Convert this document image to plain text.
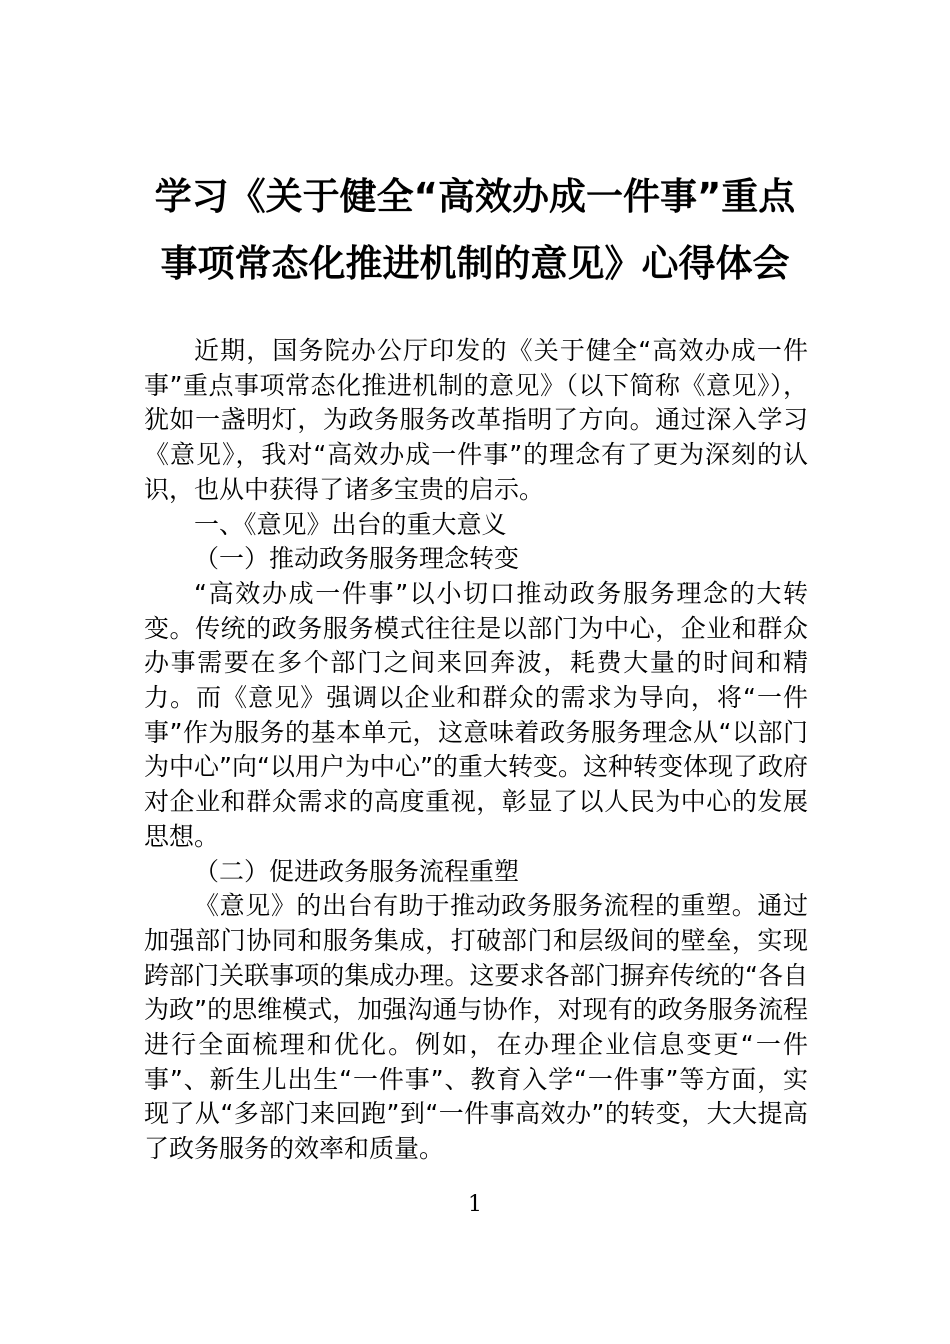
学习《关于健全“高效办成一件事”重点
事项常态化推进机制的意见》心得体会

近期，国务院办公厅印发的《关于健全“高效办成一件事”重点事项常态化推进机制的意见》（以下简称《意见》），犹如一盏明灯，为政务服务改革指明了方向。通过深入学习《意见》，我对“高效办成一件事”的理念有了更为深刻的认识，也从中获得了诸多宝贵的启示。

一、《意见》出台的重大意义

（一）推动政务服务理念转变

“高效办成一件事”以小切口推动政务服务理念的大转变。传统的政务服务模式往往是以部门为中心，企业和群众办事需要在多个部门之间来回奔波，耗费大量的时间和精力。而《意见》强调以企业和群众的需求为导向，将“一件事”作为服务的基本单元，这意味着政务服务理念从“以部门为中心”向“以用户为中心”的重大转变。这种转变体现了政府对企业和群众需求的高度重视，彰显了以人民为中心的发展思想。

（二）促进政务服务流程重塑

《意见》的出台有助于推动政务服务流程的重塑。通过加强部门协同和服务集成，打破部门和层级间的壁垒，实现跨部门关联事项的集成办理。这要求各部门摒弃传统的“各自为政”的思维模式，加强沟通与协作，对现有的政务服务流程进行全面梳理和优化。例如，在办理企业信息变更“一件事”、新生儿出生“一件事”、教育入学“一件事”等方面，实现了从“多部门来回跑”到“一件事高效办”的转变，大大提高了政务服务的效率和质量。

1
